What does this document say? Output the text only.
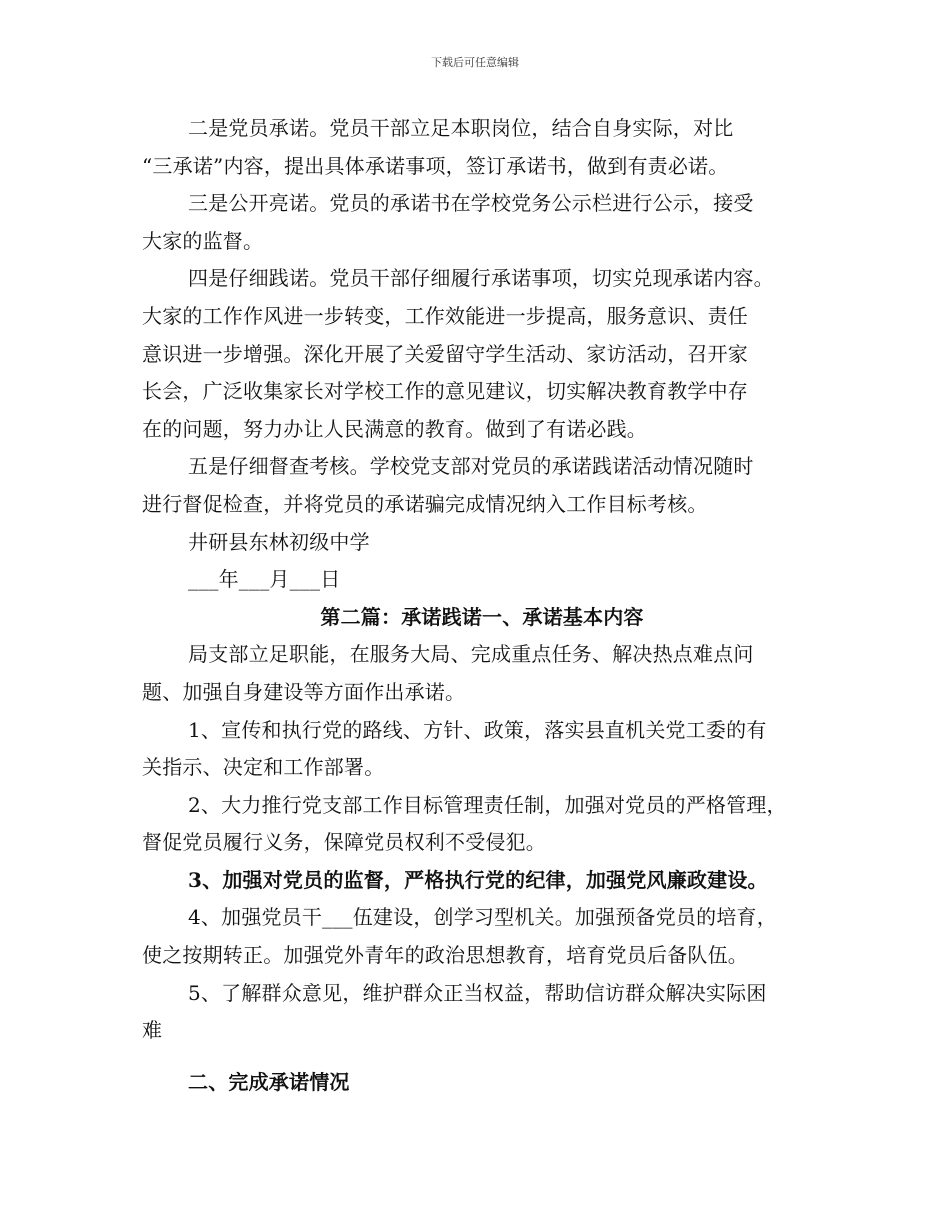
下载后可任意编辑
二是党员承诺。党员干部立足本职岗位，结合自身实际，对比
“三承诺”内容，提出具体承诺事项，签订承诺书，做到有责必诺。
三是公开亮诺。党员的承诺书在学校党务公示栏进行公示，接受
大家的监督。
四是仔细践诺。党员干部仔细履行承诺事项，切实兑现承诺内容。
大家的工作作风进一步转变，工作效能进一步提高，服务意识、责任
意识进一步增强。深化开展了关爱留守学生活动、家访活动，召开家
长会，广泛收集家长对学校工作的意见建议，切实解决教育教学中存
在的问题，努力办让人民满意的教育。做到了有诺必践。
五是仔细督查考核。学校党支部对党员的承诺践诺活动情况随时
进行督促检查，并将党员的承诺骗完成情况纳入工作目标考核。
井研县东林初级中学
___年___月___日
第二篇：承诺践诺一、承诺基本内容
局支部立足职能，在服务大局、完成重点任务、解决热点难点问
题、加强自身建设等方面作出承诺。
1、宣传和执行党的路线、方针、政策，落实县直机关党工委的有
关指示、决定和工作部署。
2、大力推行党支部工作目标管理责任制，加强对党员的严格管理，
督促党员履行义务，保障党员权利不受侵犯。
3、加强对党员的监督，严格执行党的纪律，加强党风廉政建设。
4、加强党员干___伍建设，创学习型机关。加强预备党员的培育，
使之按期转正。加强党外青年的政治思想教育，培育党员后备队伍。
5、了解群众意见，维护群众正当权益，帮助信访群众解决实际困
难
二、完成承诺情况
